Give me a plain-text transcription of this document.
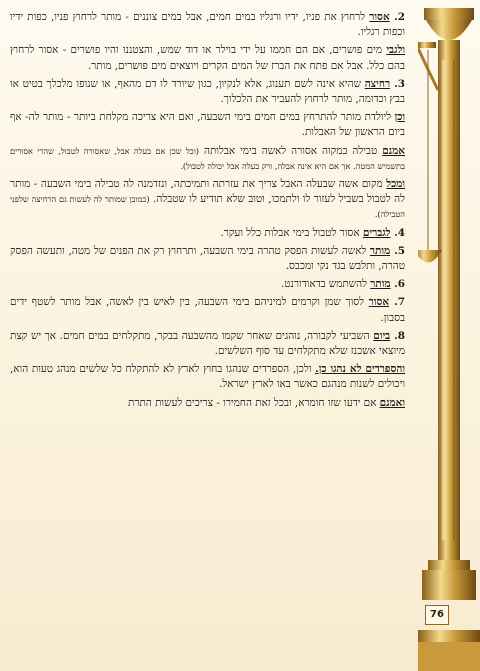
2. אסור לרחוץ את פניו, ידיו ורגליו במים חמים, אבל במים צוננים - מותר לרחוץ פניו, כפות ידיו וכפות רגליו.

ולגבי מים פושרים, אם הם חממו על ידי בוילר או דוד שמש, והצטננו והיו פושרים - אסור לרחוץ בהם כלל. אבל אם פתח את הברז של המים הקרים ויוצאים מים פושרים, מותר.

3. רחיצה שהיא אינה לשם תענוג, אלא לנקיון, כגון שיורד לו דם מהאף, או שנופו מלכלך בטיט או בבץ וכדומה, מותר לרחוץ להעביר את הלכלוך.

וכן ליולדת מותר להתרחץ במים חמים בימי השבעה, ואם היא צריכה מקלחת ביותר - מותר לה- אף ביום הראשון של האבלות.

אמנם טבילה במקוה אסורה לאשה בימי אבלותה (וכל שכן אם בעלה אבל, שאסורה לטבול, שהרי אסורים בתשמיש המטה. אך אם היא אינה אבלה, ורק בעלה אבל יכולה לטבול).

ומכל מקום אשה שבעלה האבל צריך את עזרתה ותמיכתה, ונזדמנה לה טבילה בימי השבעה - מותר לה לטבול בשביל לעזור לו ולתמכו, וטוב שלא תודיע לו שטבלה. (כמובן שמותר לה לעשות גם הרחיצה שלפני הטבילה).

4. לגברים אסור לטבול בימי אבלות כלל ועקר.

5. מותר לאשה לעשות הפסק טהרה בימי השבעה, ותרחוץ רק את הפנים של מטה, ותעשה הפסק טהרה, ותלבש בגד נקי ומכבס.

6. מותר להשתמש בדאודורנט.

7. אסור לסוך שמן וקרמים למיניהם בימי השבעה, בין לאיש בין לאשה, אבל מותר לשטף ידים בסבון.

8. ביום השביעי לקבורה, נוהגים שאחר שקמו מהשבעה בבקר, מתקלחים במים חמים. אך יש קצת מיוצאי אשכנז שלא מתקלחים עד סוף השלשים.

והספרדים לא נהגו כן. ולכן, הספרדים שנהגו בחוץ לארץ לא להתקלח כל שלשים מנהג טעות הוא, ויכולים לשנות מנהגם כאשר באו לארץ ישראל.

ואמנם אם ידעו שזו חומרא, ובכל זאת החמירו - צריכים לעשות התרת

76
